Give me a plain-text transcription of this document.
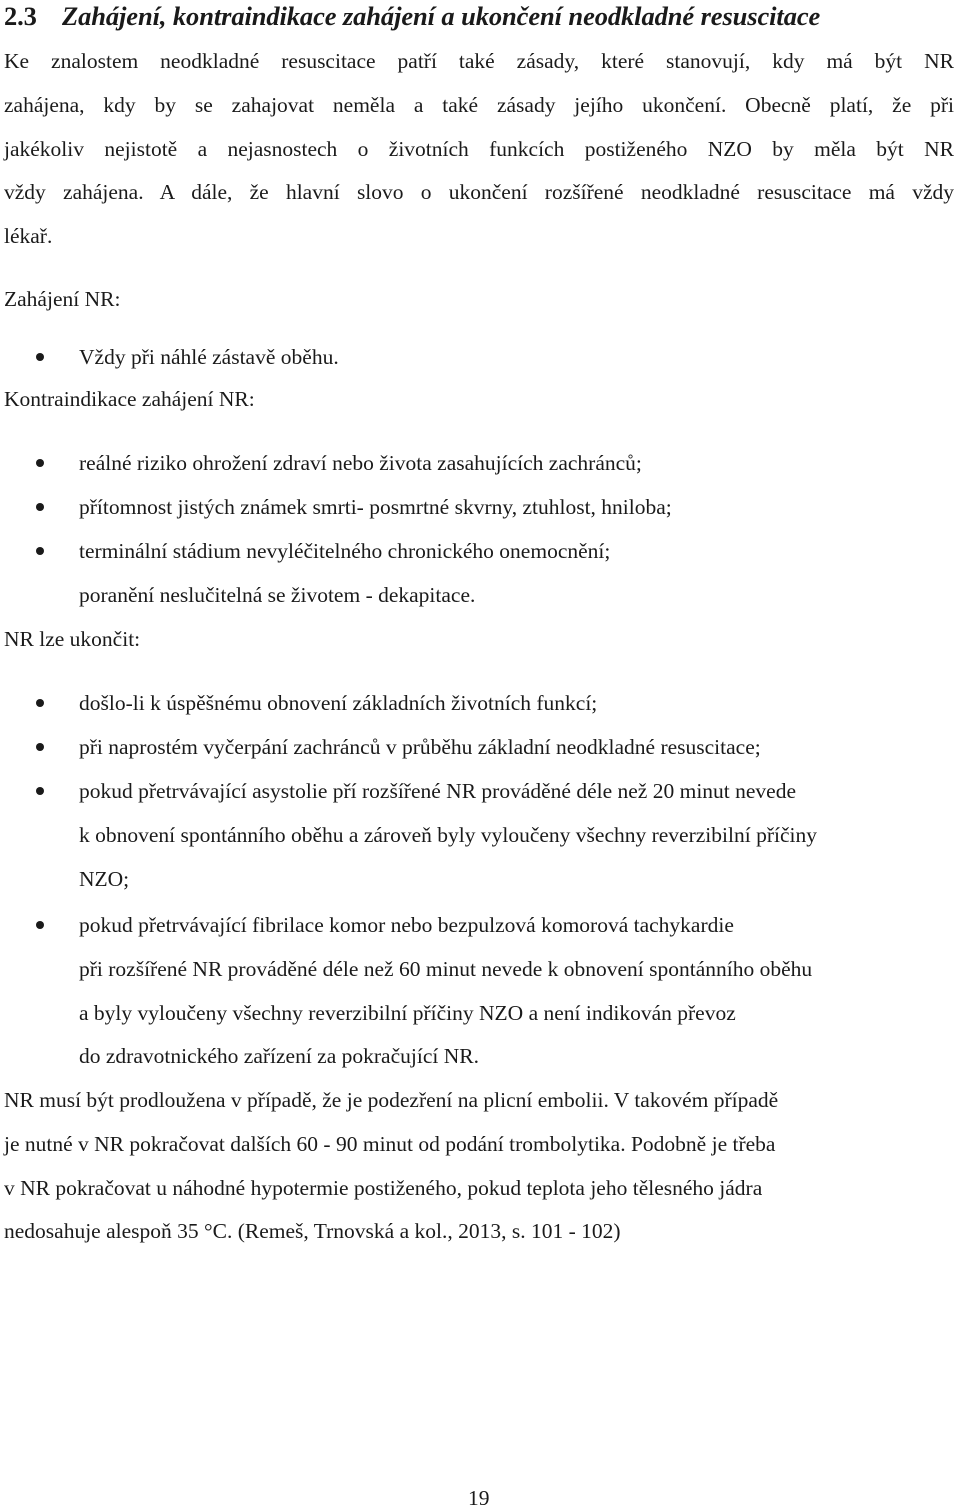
2.3 Zahájení, kontraindikace zahájení a ukončení neodkladné resuscitace
Ke znalostem neodkladné resuscitace patří také zásady, které stanovují, kdy má být NR
zahájena, kdy by se zahajovat neměla a také zásady jejího ukončení. Obecně platí, že při
jakékoliv nejistotě a nejasnostech o životních funkcích postiženého NZO by měla být NR
vždy zahájena. A dále, že hlavní slovo o ukončení rozšířené neodkladné resuscitace má vždy
lékař.
Zahájení NR:
Vždy při náhlé zástavě oběhu.
Kontraindikace zahájení NR:
reálné riziko ohrožení zdraví nebo života zasahujících zachránců;
přítomnost jistých známek smrti- posmrtné skvrny, ztuhlost, hniloba;
terminální stádium nevyléčitelného chronického onemocnění;
poranění neslučitelná se životem - dekapitace.
NR lze ukončit:
došlo-li k úspěšnému obnovení základních životních funkcí;
při naprostém vyčerpání zachránců v průběhu základní neodkladné resuscitace;
pokud přetrvávající asystolie pří rozšířené NR prováděné déle než 20 minut nevede
k obnovení spontánního oběhu a zároveň byly vyloučeny všechny reverzibilní příčiny
NZO;
pokud přetrvávající fibrilace komor nebo bezpulzová komorová tachykardie
při rozšířené NR prováděné déle než 60 minut nevede k obnovení spontánního oběhu
a byly vyloučeny všechny reverzibilní příčiny NZO a není indikován převoz
do zdravotnického zařízení za pokračující NR.
NR musí být prodloužena v případě, že je podezření na plicní embolii. V takovém případě
je nutné v NR pokračovat dalších 60 - 90 minut od podání trombolytika. Podobně je třeba
v NR pokračovat u náhodné hypotermie postiženého, pokud teplota jeho tělesného jádra
nedosahuje alespoň 35 °C. (Remeš, Trnovská a kol., 2013, s. 101 - 102)
19
